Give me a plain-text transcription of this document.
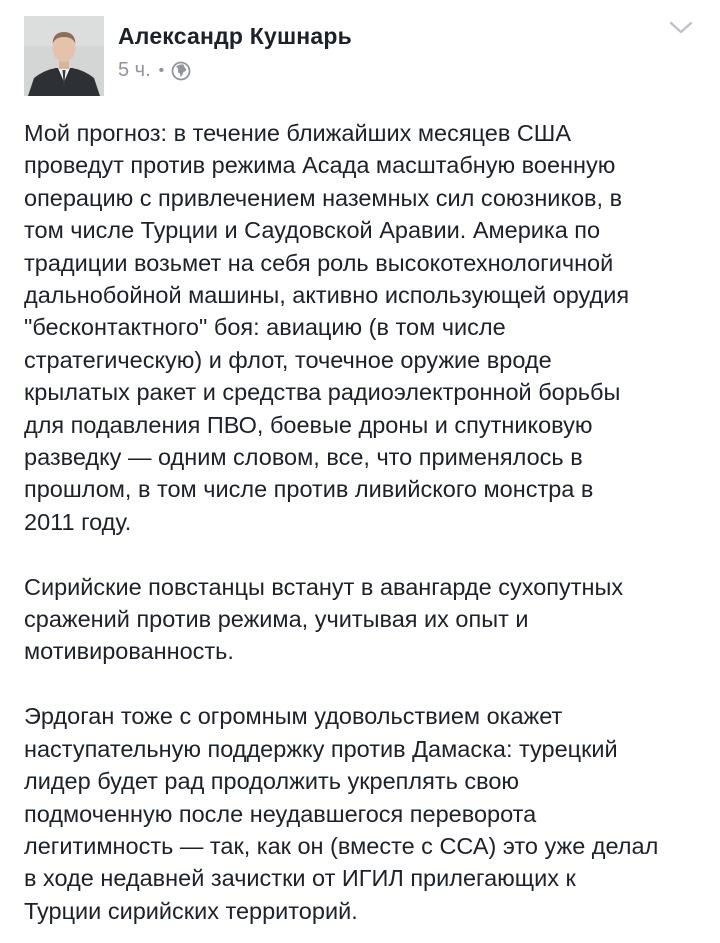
Александр Кушнарь
5 ч. •

Мой прогноз: в течение ближайших месяцев США
проведут против режима Асада масштабную военную
операцию с привлечением наземных сил союзников, в
том числе Турции и Саудовской Аравии. Америка по
традиции возьмет на себя роль высокотехнологичной
дальнобойной машины, активно использующей орудия
"бесконтактного" боя: авиацию (в том числе
стратегическую) и флот, точечное оружие вроде
крылатых ракет и средства радиоэлектронной борьбы
для подавления ПВО, боевые дроны и спутниковую
разведку — одним словом, все, что применялось в
прошлом, в том числе против ливийского монстра в
2011 году.

Сирийские повстанцы встанут в авангарде сухопутных
сражений против режима, учитывая их опыт и
мотивированность.

Эрдоган тоже с огромным удовольствием окажет
наступательную поддержку против Дамаска: турецкий
лидер будет рад продолжить укреплять свою
подмоченную после неудавшегося переворота
легитимность — так, как он (вместе с ССА) это уже делал
в ходе недавней зачистки от ИГИЛ прилегающих к
Турции сирийских территорий.
